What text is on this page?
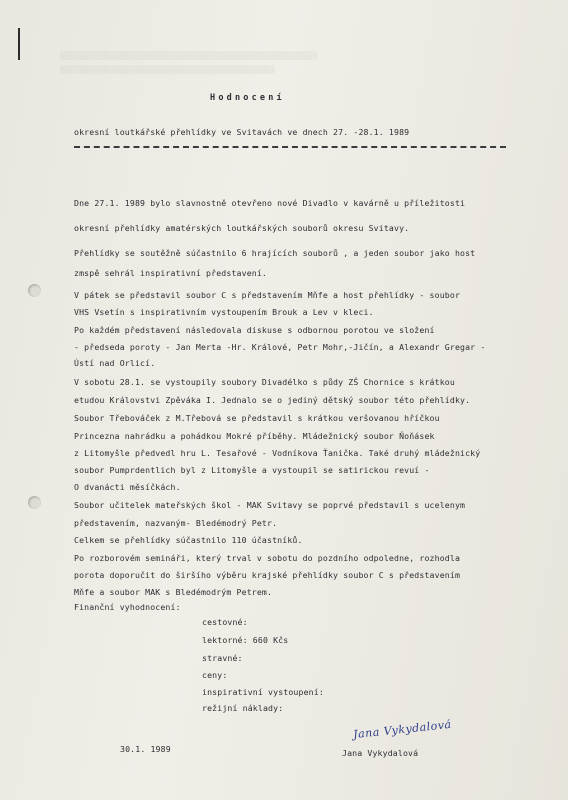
░░░░░░░░░░░░░░░░░░░░░░░░░░░░░░░░░░░░░░░░░░░░░░░░░░░░░░░░░░░░░
░░░░░░░░░░░░░░░░░░░░░░░░░░░░░░░░░░░░░░░░░░░░░░░░░░░
Hodnocení
okresní loutkářské přehlídky ve Svitavách ve dnech 27. -28.1. 1989
Dne 27.1. 1989 bylo slavnostně otevřeno nové Divadlo v kavárně u příležitosti
okresní přehlídky amatérských loutkářských souborů okresu Svitavy.
Přehlídky se soutěžně súčastnilo 6 hrajících souborů , a jeden soubor jako host
zmspě sehrál inspirativní představení.
V pátek se představil soubor C s představením Mňfe a host přehlídky - soubor
VHS Vsetín s inspirativním vystoupením Brouk a Lev v kleci.
Po každém představení následovala diskuse s odbornou porotou ve složení
- předseda poroty - Jan Merta -Hr. Králové, Petr Mohr,-Jičín, a Alexandr Gregar -
Ústí nad Orlicí.
V sobotu 28.1. se vystoupily soubory Divadélko s půdy ZŠ Chornice s krátkou
etudou Královstvi Zpěváka I. Jednalo se o jediný dětský soubor této přehlídky.
Soubor Třebováček z M.Třebová se představil s krátkou veršovanou hříčkou
Princezna nahrádku a pohádkou Mokré příběhy. Mládežnický soubor Ňoňásek
z Litomyšle předvedl hru L. Tesařové - Vodníkova Ťanička. Také druhý mládežnický
soubor Pumprdentlich byl z Litomyšle a vystoupil se satirickou revuí -
O dvanácti měsíčkách.
Soubor učitelek mateřských škol - MAK Svitavy se poprvé představil s ucelenym
představením, nazvaným- Bledémodrý Petr.
Celkem se přehlídky súčastnilo 110 účastníků.
Po rozborovém semináři, který trval v sobotu do pozdního odpoledne, rozhodla
porota doporučit do širšího výběru krajské přehlídky soubor C s představením
Mňfe a soubor MAK s Bledémodrým Petrem.
Finanční vyhodnocení:
cestovné:
lektorné: 660 Kčs
stravné:
ceny:
inspirativní vystoupení:
režijní náklady:
30.1. 1989
Jana Vykydalová
Jana Vykydalová
